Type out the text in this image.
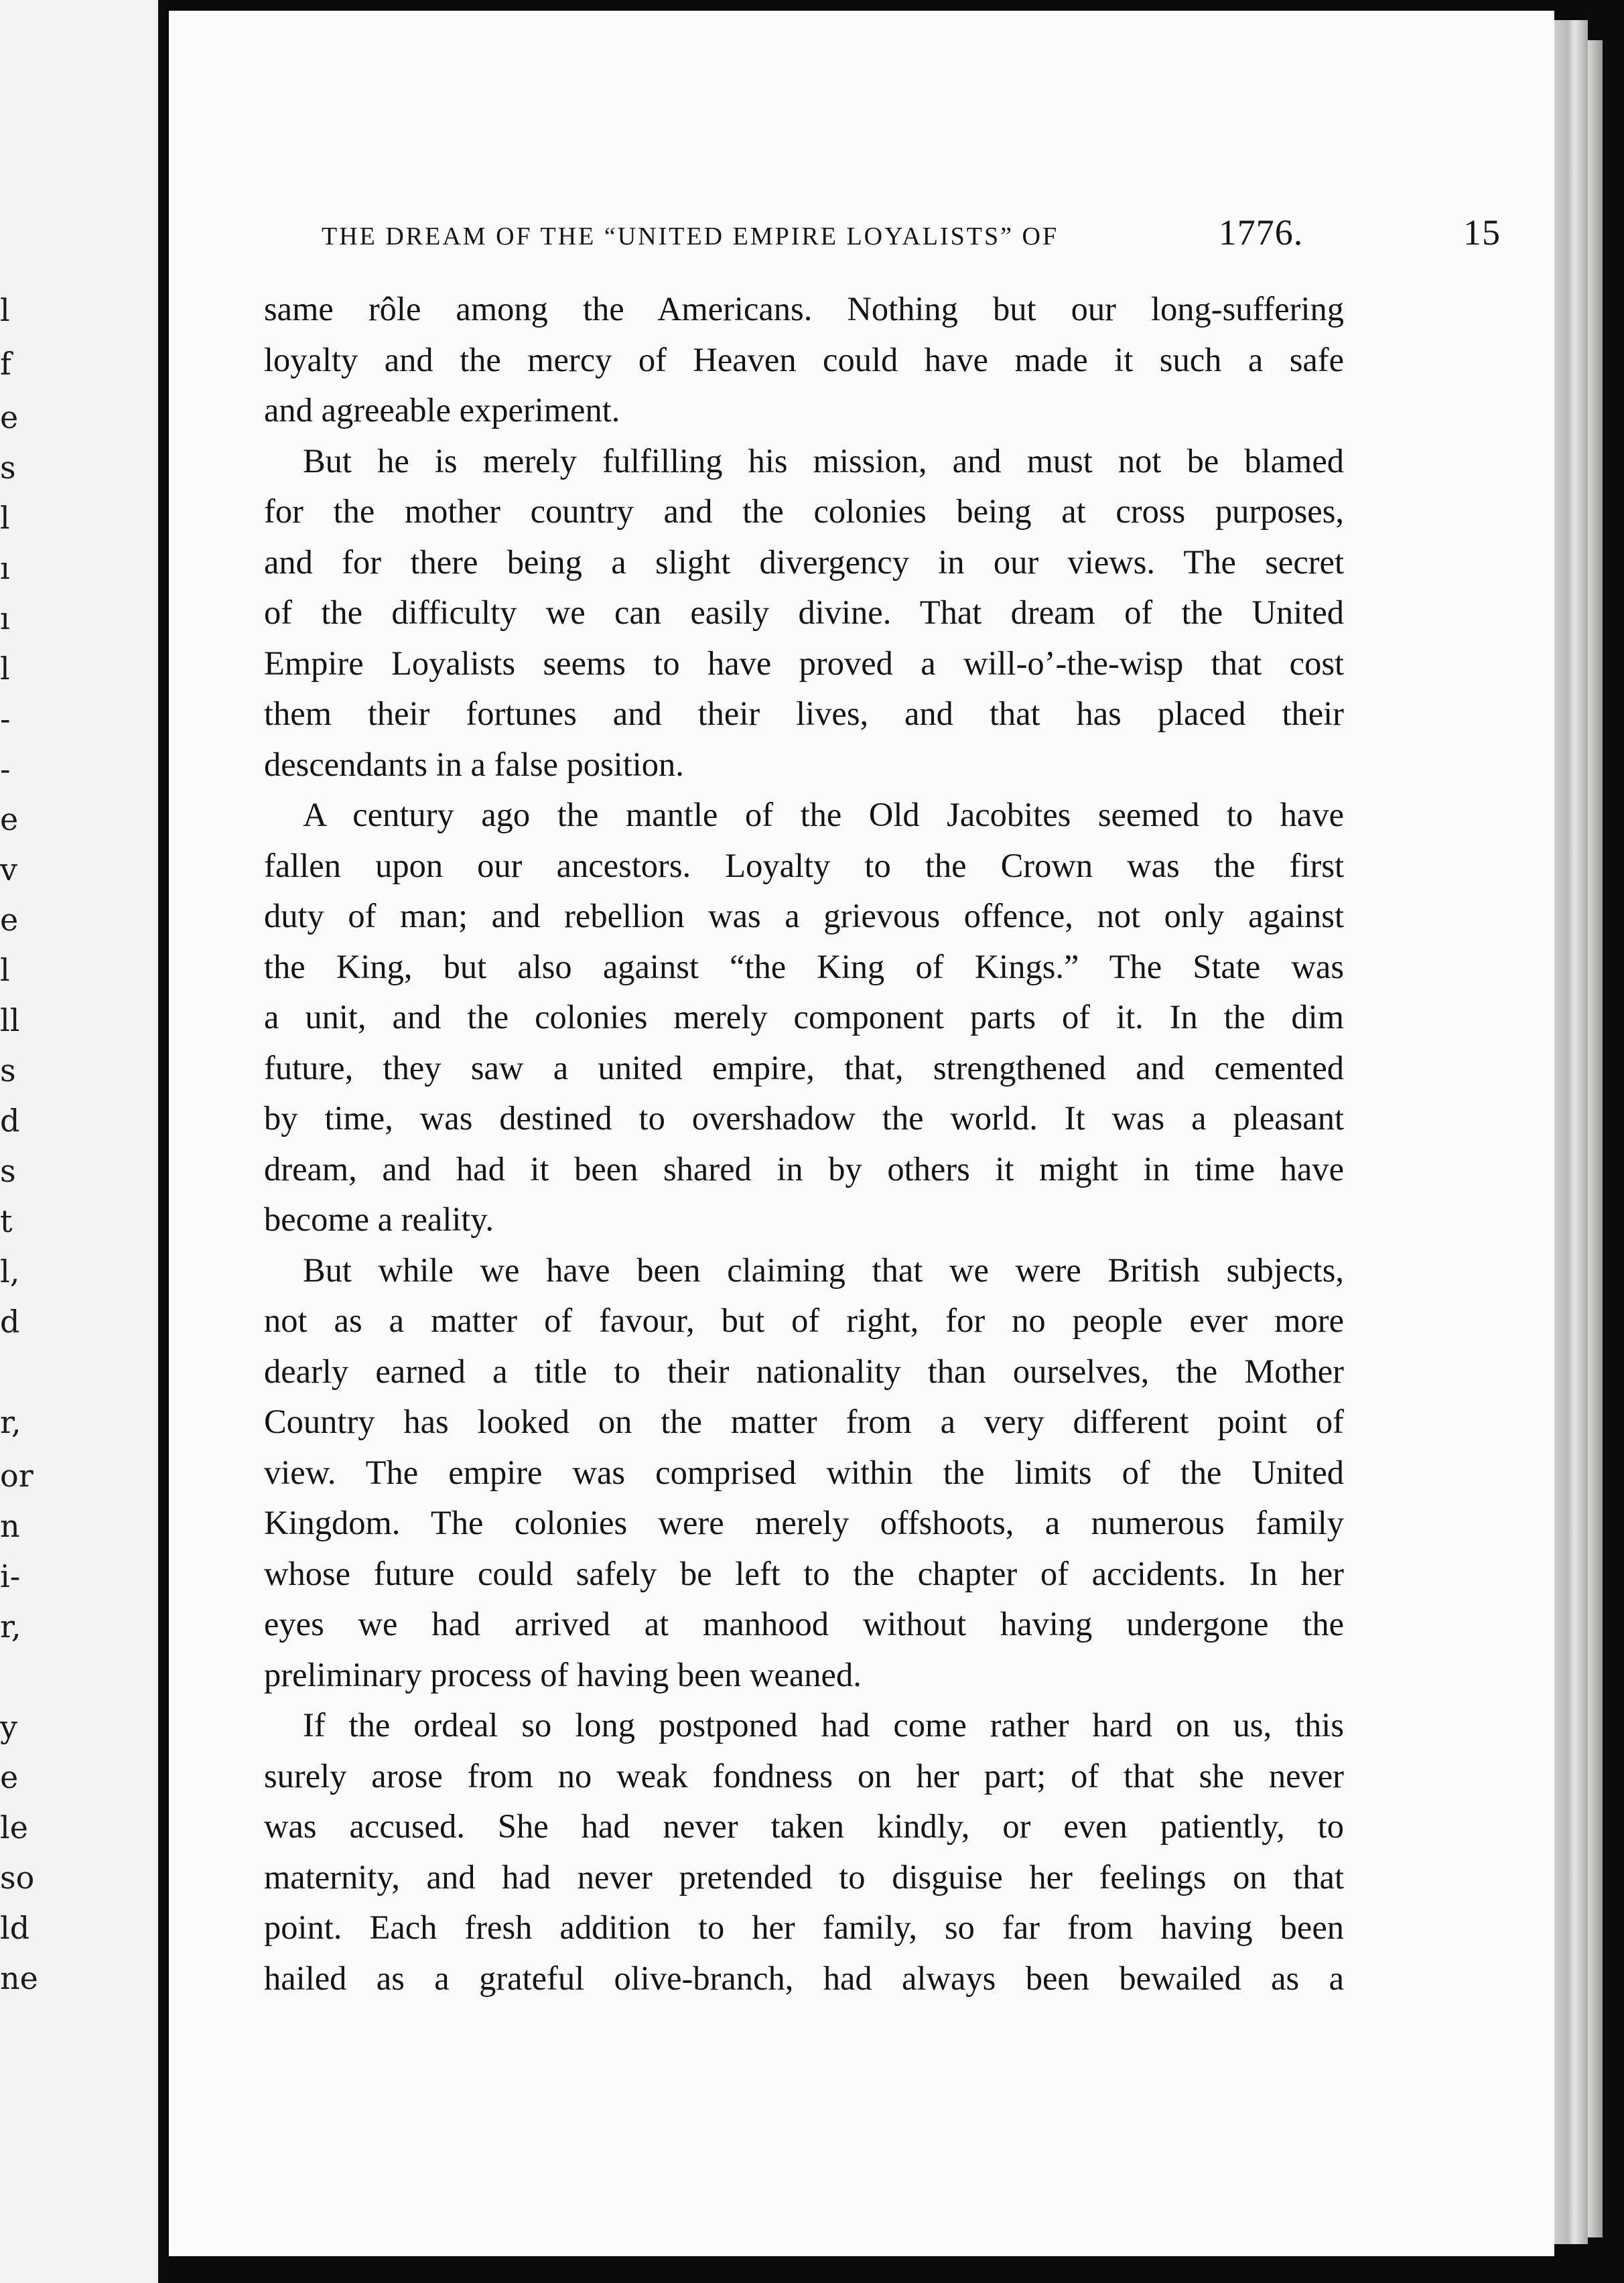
l
f
e
s
l
ı
ı
l
-
-
e
v
e
l
ll
s
d
s
t
l,
d
r,
or
n
i-
r,
y
e
le
so
ld
ne
THE DREAM OF THE “UNITED EMPIRE LOYALISTS” OF	1776.	15
same rôle among the Americans. Nothing but our long-suffering
loyalty and the mercy of Heaven could have made it such a safe
and agreeable experiment.
But he is merely fulfilling his mission, and must not be blamed
for the mother country and the colonies being at cross purposes,
and for there being a slight divergency in our views. The secret
of the difficulty we can easily divine. That dream of the United
Empire Loyalists seems to have proved a will-o’-the-wisp that cost
them their fortunes and their lives, and that has placed their
descendants in a false position.
A century ago the mantle of the Old Jacobites seemed to have
fallen upon our ancestors. Loyalty to the Crown was the first
duty of man; and rebellion was a grievous offence, not only against
the King, but also against “the King of Kings.” The State was
a unit, and the colonies merely component parts of it. In the dim
future, they saw a united empire, that, strengthened and cemented
by time, was destined to overshadow the world. It was a pleasant
dream, and had it been shared in by others it might in time have
become a reality.
But while we have been claiming that we were British subjects,
not as a matter of favour, but of right, for no people ever more
dearly earned a title to their nationality than ourselves, the Mother
Country has looked on the matter from a very different point of
view. The empire was comprised within the limits of the United
Kingdom. The colonies were merely offshoots, a numerous family
whose future could safely be left to the chapter of accidents. In her
eyes we had arrived at manhood without having undergone the
preliminary process of having been weaned.
If the ordeal so long postponed had come rather hard on us, this
surely arose from no weak fondness on her part; of that she never
was accused. She had never taken kindly, or even patiently, to
maternity, and had never pretended to disguise her feelings on that
point. Each fresh addition to her family, so far from having been
hailed as a grateful olive-branch, had always been bewailed as a
